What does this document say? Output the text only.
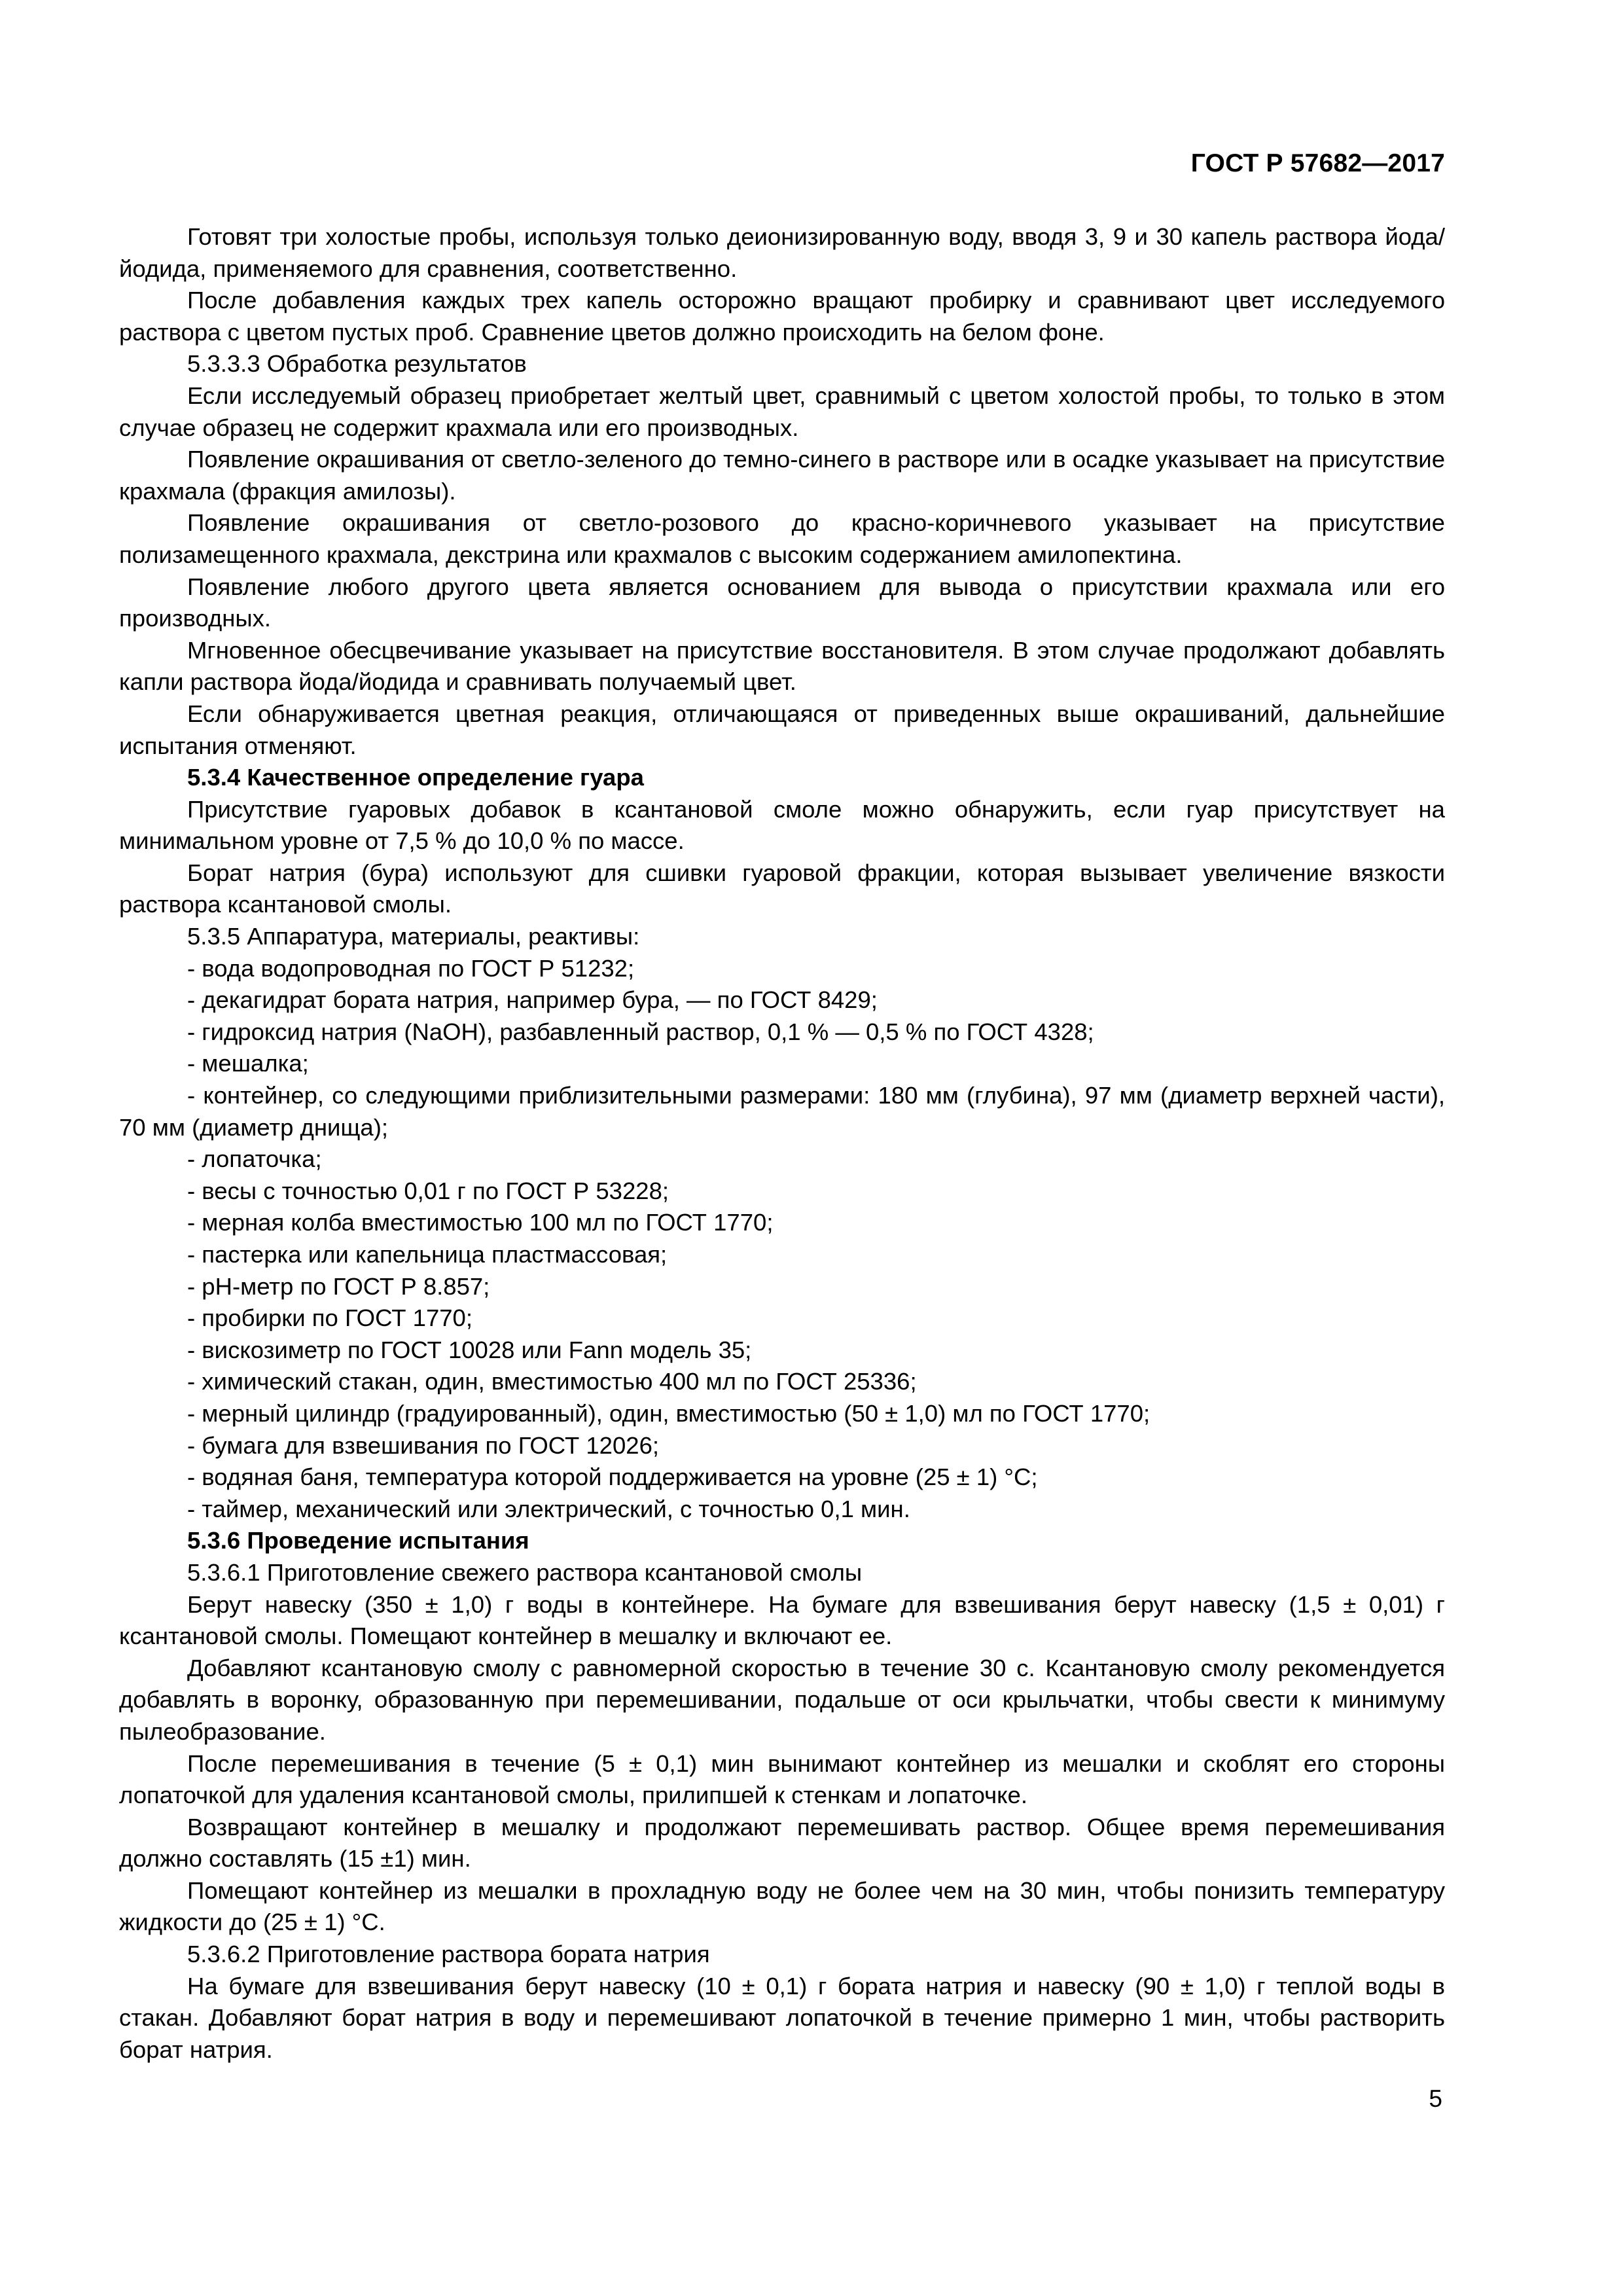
ГОСТ Р 57682—2017

Готовят три холостые пробы, используя только деионизированную воду, вводя 3, 9 и 30 капель раствора йода/йодида, применяемого для сравнения, соответственно.

После добавления каждых трех капель осторожно вращают пробирку и сравнивают цвет исследуемого раствора с цветом пустых проб. Сравнение цветов должно происходить на белом фоне.

5.3.3.3 Обработка результатов

Если исследуемый образец приобретает желтый цвет, сравнимый с цветом холостой пробы, то только в этом случае образец не содержит крахмала или его производных.

Появление окрашивания от светло-зеленого до темно-синего в растворе или в осадке указывает на присутствие крахмала (фракция амилозы).

Появление окрашивания от светло-розового до красно-коричневого указывает на присутствие полизамещенного крахмала, декстрина или крахмалов с высоким содержанием амилопектина.

Появление любого другого цвета является основанием для вывода о присутствии крахмала или его производных.

Мгновенное обесцвечивание указывает на присутствие восстановителя. В этом случае продолжают добавлять капли раствора йода/йодида и сравнивать получаемый цвет.

Если обнаруживается цветная реакция, отличающаяся от приведенных выше окрашиваний, дальнейшие испытания отменяют.

5.3.4 Качественное определение гуара

Присутствие гуаровых добавок в ксантановой смоле можно обнаружить, если гуар присутствует на минимальном уровне от 7,5 % до 10,0 % по массе.

Борат натрия (бура) используют для сшивки гуаровой фракции, которая вызывает увеличение вязкости раствора ксантановой смолы.

5.3.5 Аппаратура, материалы, реактивы:

- вода водопроводная по ГОСТ Р 51232;

- декагидрат бората натрия, например бура, — по ГОСТ 8429;

- гидроксид натрия (NaOH), разбавленный раствор, 0,1 % — 0,5 % по ГОСТ 4328;

- мешалка;

- контейнер, со следующими приблизительными размерами: 180 мм (глубина), 97 мм (диаметр верхней части), 70 мм (диаметр днища);

- лопаточка;

- весы с точностью 0,01 г по ГОСТ Р 53228;

- мерная колба вместимостью 100 мл по ГОСТ 1770;

- пастерка или капельница пластмассовая;

- pH-метр по ГОСТ Р 8.857;

- пробирки по ГОСТ 1770;

- вискозиметр по ГОСТ 10028 или Fann модель 35;

- химический стакан, один, вместимостью 400 мл по ГОСТ 25336;

- мерный цилиндр (градуированный), один, вместимостью (50 ± 1,0) мл по ГОСТ 1770;

- бумага для взвешивания по ГОСТ 12026;

- водяная баня, температура которой поддерживается на уровне (25 ± 1) °С;

- таймер, механический или электрический, с точностью 0,1 мин.

5.3.6 Проведение испытания

5.3.6.1 Приготовление свежего раствора ксантановой смолы

Берут навеску (350 ± 1,0) г воды в контейнере. На бумаге для взвешивания берут навеску (1,5 ± 0,01) г ксантановой смолы. Помещают контейнер в мешалку и включают ее.

Добавляют ксантановую смолу с равномерной скоростью в течение 30 с. Ксантановую смолу рекомендуется добавлять в воронку, образованную при перемешивании, подальше от оси крыльчатки, чтобы свести к минимуму пылеобразование.

После перемешивания в течение (5 ± 0,1) мин вынимают контейнер из мешалки и скоблят его стороны лопаточкой для удаления ксантановой смолы, прилипшей к стенкам и лопаточке.

Возвращают контейнер в мешалку и продолжают перемешивать раствор. Общее время перемешивания должно составлять (15 ±1) мин.

Помещают контейнер из мешалки в прохладную воду не более чем на 30 мин, чтобы понизить температуру жидкости до (25 ± 1) °С.

5.3.6.2 Приготовление раствора бората натрия

На бумаге для взвешивания берут навеску (10 ± 0,1) г бората натрия и навеску (90 ± 1,0) г теплой воды в стакан. Добавляют борат натрия в воду и перемешивают лопаточкой в течение примерно 1 мин, чтобы растворить борат натрия.

5
